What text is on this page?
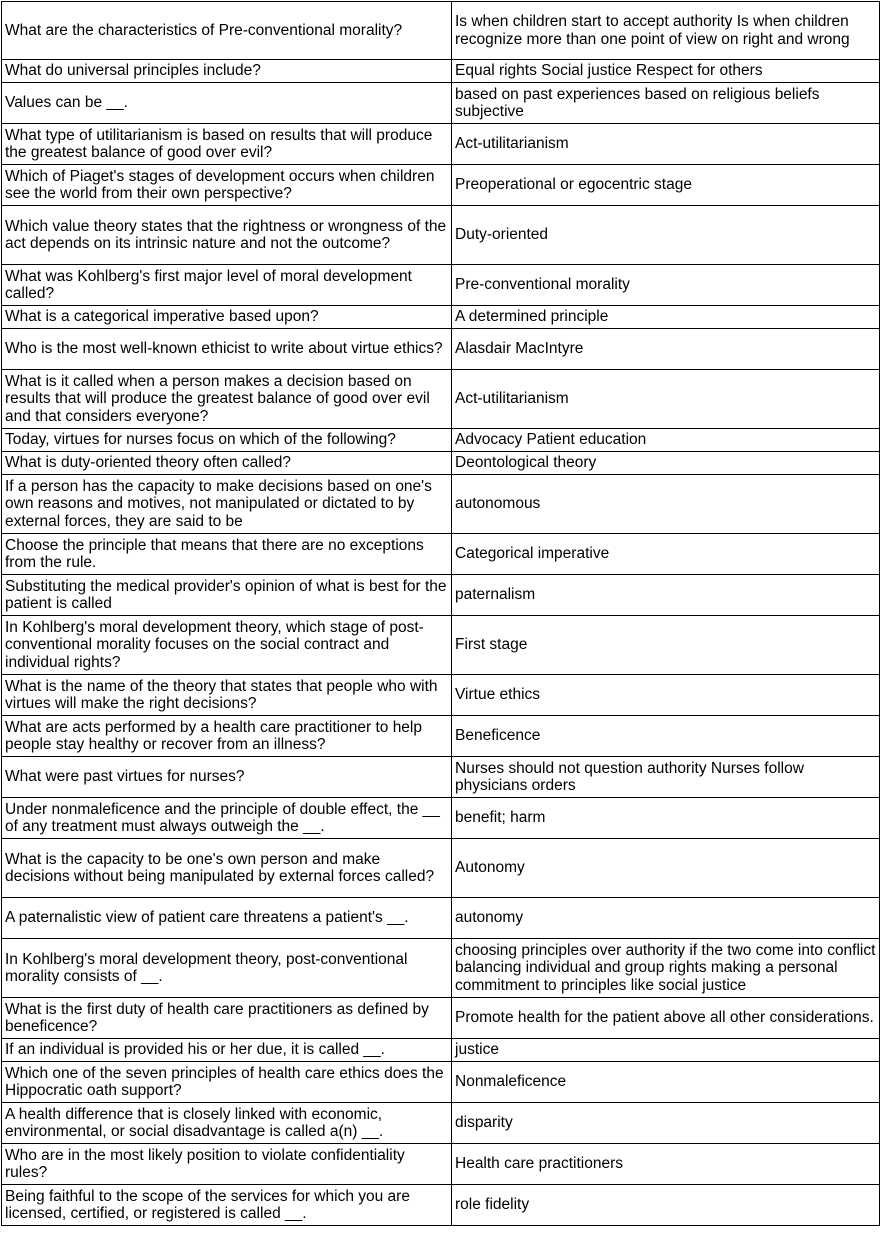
What are the characteristics of Pre-conventional morality?	Is when children start to accept authority Is when children recognize more than one point of view on right and wrong
What do universal principles include?	Equal rights Social justice Respect for others
Values can be __.	based on past experiences based on religious beliefs subjective
What type of utilitarianism is based on results that will produce the greatest balance of good over evil?	Act-utilitarianism
Which of Piaget's stages of development occurs when children see the world from their own perspective?	Preoperational or egocentric stage
Which value theory states that the rightness or wrongness of the act depends on its intrinsic nature and not the outcome?	Duty-oriented
What was Kohlberg's first major level of moral development called?	Pre-conventional morality
What is a categorical imperative based upon?	A determined principle
Who is the most well-known ethicist to write about virtue ethics?	Alasdair MacIntyre
What is it called when a person makes a decision based on results that will produce the greatest balance of good over evil and that considers everyone?	Act-utilitarianism
Today, virtues for nurses focus on which of the following?	Advocacy Patient education
What is duty-oriented theory often called?	Deontological theory
If a person has the capacity to make decisions based on one's own reasons and motives, not manipulated or dictated to by external forces, they are said to be	autonomous
Choose the principle that means that there are no exceptions from the rule.	Categorical imperative
Substituting the medical provider's opinion of what is best for the patient is called	paternalism
In Kohlberg's moral development theory, which stage of post-conventional morality focuses on the social contract and individual rights?	First stage
What is the name of the theory that states that people who with virtues will make the right decisions?	Virtue ethics
What are acts performed by a health care practitioner to help people stay healthy or recover from an illness?	Beneficence
What were past virtues for nurses?	Nurses should not question authority Nurses follow physicians orders
Under nonmaleficence and the principle of double effect, the __ of any treatment must always outweigh the __.	benefit; harm
What is the capacity to be one's own person and make decisions without being manipulated by external forces called?	Autonomy
A paternalistic view of patient care threatens a patient's __.	autonomy
In Kohlberg's moral development theory, post-conventional morality consists of __.	choosing principles over authority if the two come into conflict balancing individual and group rights making a personal commitment to principles like social justice
What is the first duty of health care practitioners as defined by beneficence?	Promote health for the patient above all other considerations.
If an individual is provided his or her due, it is called __.	justice
Which one of the seven principles of health care ethics does the Hippocratic oath support?	Nonmaleficence
A health difference that is closely linked with economic, environmental, or social disadvantage is called a(n) __.	disparity
Who are in the most likely position to violate confidentiality rules?	Health care practitioners
Being faithful to the scope of the services for which you are licensed, certified, or registered is called __.	role fidelity
